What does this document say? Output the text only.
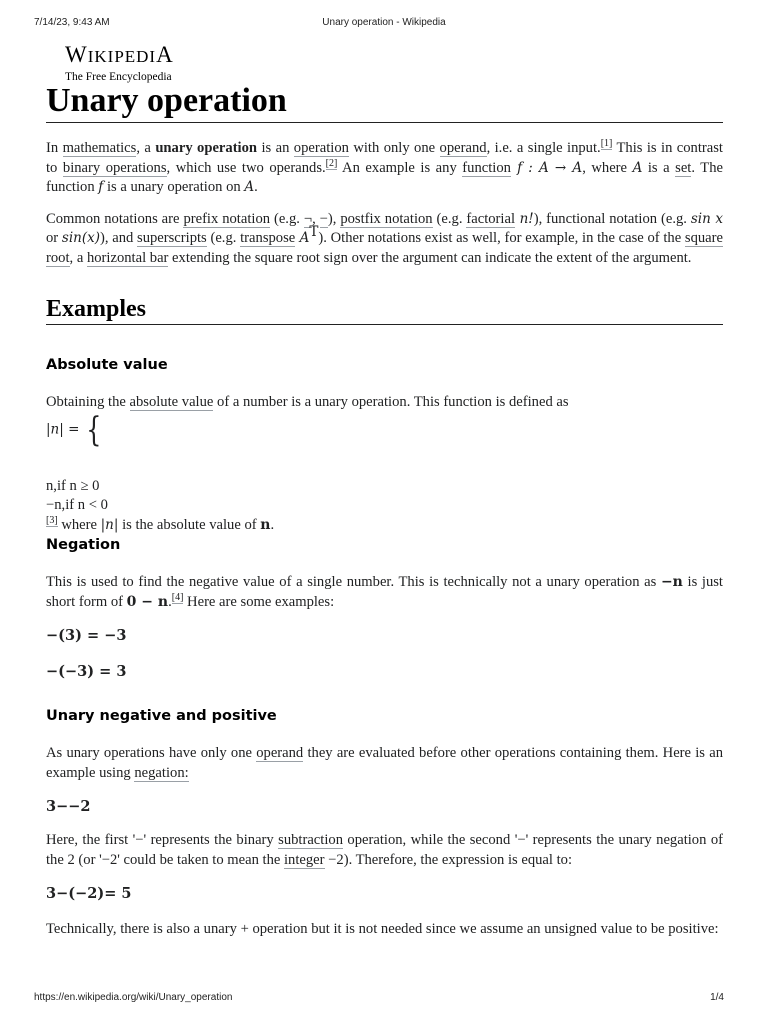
7/14/23, 9:43 AM	Unary operation - Wikipedia
WIKIPEDIA
The Free Encyclopedia
Unary operation

In mathematics, a unary operation is an operation with only one operand, i.e. a single input.[1] This is in contrast to binary operations, which use two operands.[2] An example is any function f : A → A, where A is a set. The function f is a unary operation on A.

Common notations are prefix notation (e.g. ¬, −), postfix notation (e.g. factorial n!), functional notation (e.g. sin x or sin(x)), and superscripts (e.g. transpose $A^T$). Other notations exist as well, for example, in the case of the square root, a horizontal bar extending the square root sign over the argument can indicate the extent of the argument.

Examples
Absolute value

Obtaining the absolute value of a number is a unary operation. This function is defined as
|n| = {

n,if n ≥ 0
−n,if n < 0
[3] where |n| is the absolute value of n.

Negation

This is used to find the negative value of a single number. This is technically not a unary operation as −n is just short form of 0 − n.[4] Here are some examples:

−(3) = −3
−(−3) = 3
Unary negative and positive

As unary operations have only one operand they are evaluated before other operations containing them. Here is an example using negation:

3−−2

Here, the first '−' represents the binary subtraction operation, while the second '−' represents the unary negation of the 2 (or '−2' could be taken to mean the integer −2). Therefore, the expression is equal to:

3−(−2)= 5

Technically, there is also a unary + operation but it is not needed since we assume an unsigned value to be positive:

https://en.wikipedia.org/wiki/Unary_operation	1/4
